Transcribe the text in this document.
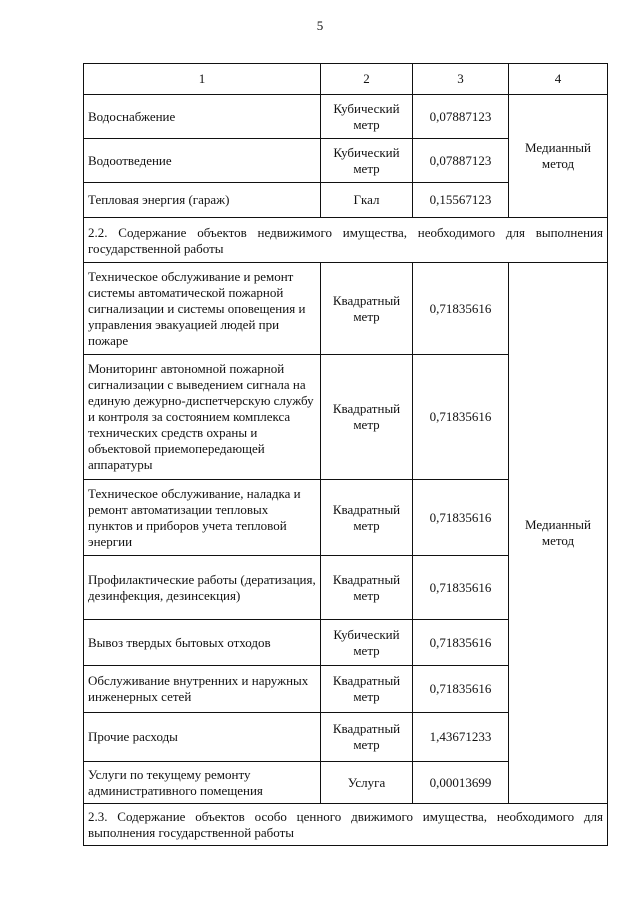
5
1	2	3	4
Водоснабжение	Кубический метр	0,07887123	Медианный метод
Водоотведение	Кубический метр	0,07887123	
Тепловая энергия (гараж)	Гкал	0,15567123	
2.2. Содержание объектов недвижимого имущества, необходимого для выполнения государственной работы			
Техническое обслуживание и ремонт системы автоматической пожарной сигнализации и системы оповещения и управления эвакуацией людей при пожаре	Квадратный метр	0,71835616	Медианный метод
Мониторинг автономной пожарной сигнализации с выведением сигнала на единую дежурно-диспетчерскую службу и контроля за состоянием комплекса технических средств охраны и объектовой приемопередающей аппаратуры	Квадратный метр	0,71835616	
Техническое обслуживание, наладка и ремонт автоматизации тепловых пунктов и приборов учета тепловой энергии	Квадратный метр	0,71835616	
Профилактические работы (дератизация, дезинфекция, дезинсекция)	Квадратный метр	0,71835616	
Вывоз твердых бытовых отходов	Кубический метр	0,71835616	
Обслуживание внутренних и наружных инженерных сетей	Квадратный метр	0,71835616	
Прочие расходы	Квадратный метр	1,43671233	
Услуги по текущему ремонту административного помещения	Услуга	0,00013699	
2.3. Содержание объектов особо ценного движимого имущества, необходимого для выполнения государственной работы			
